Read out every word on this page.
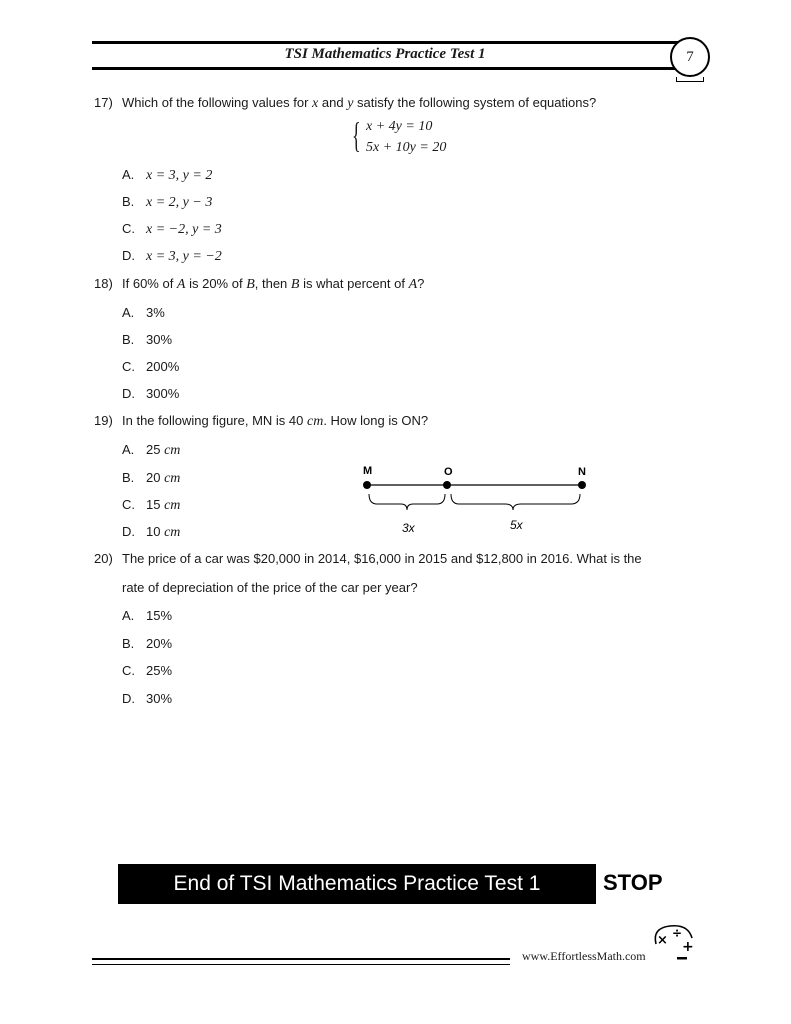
TSI Mathematics Practice Test 1	7
17) Which of the following values for x and y satisfy the following system of equations?
{ x + 4y = 10
5x + 10y = 20
A. x = 3, y = 2
B. x = 2, y − 3
C. x = −2, y = 3
D. x = 3, y = −2
18) If 60% of A is 20% of B, then B is what percent of A?
A. 3%
B. 30%
C. 200%
D. 300%
19) In the following figure, MN is 40 cm. How long is ON?
A. 25 cm
B. 20 cm
C. 15 cm
D. 10 cm
M	O	N
3x	5x
20) The price of a car was $20,000 in 2014, $16,000 in 2015 and $12,800 in 2016. What is the
rate of depreciation of the price of the car per year?
A. 15%
B. 20%
C. 25%
D. 30%
End of TSI Mathematics Practice Test 1	STOP
www.EffortlessMath.com
× ÷
+
